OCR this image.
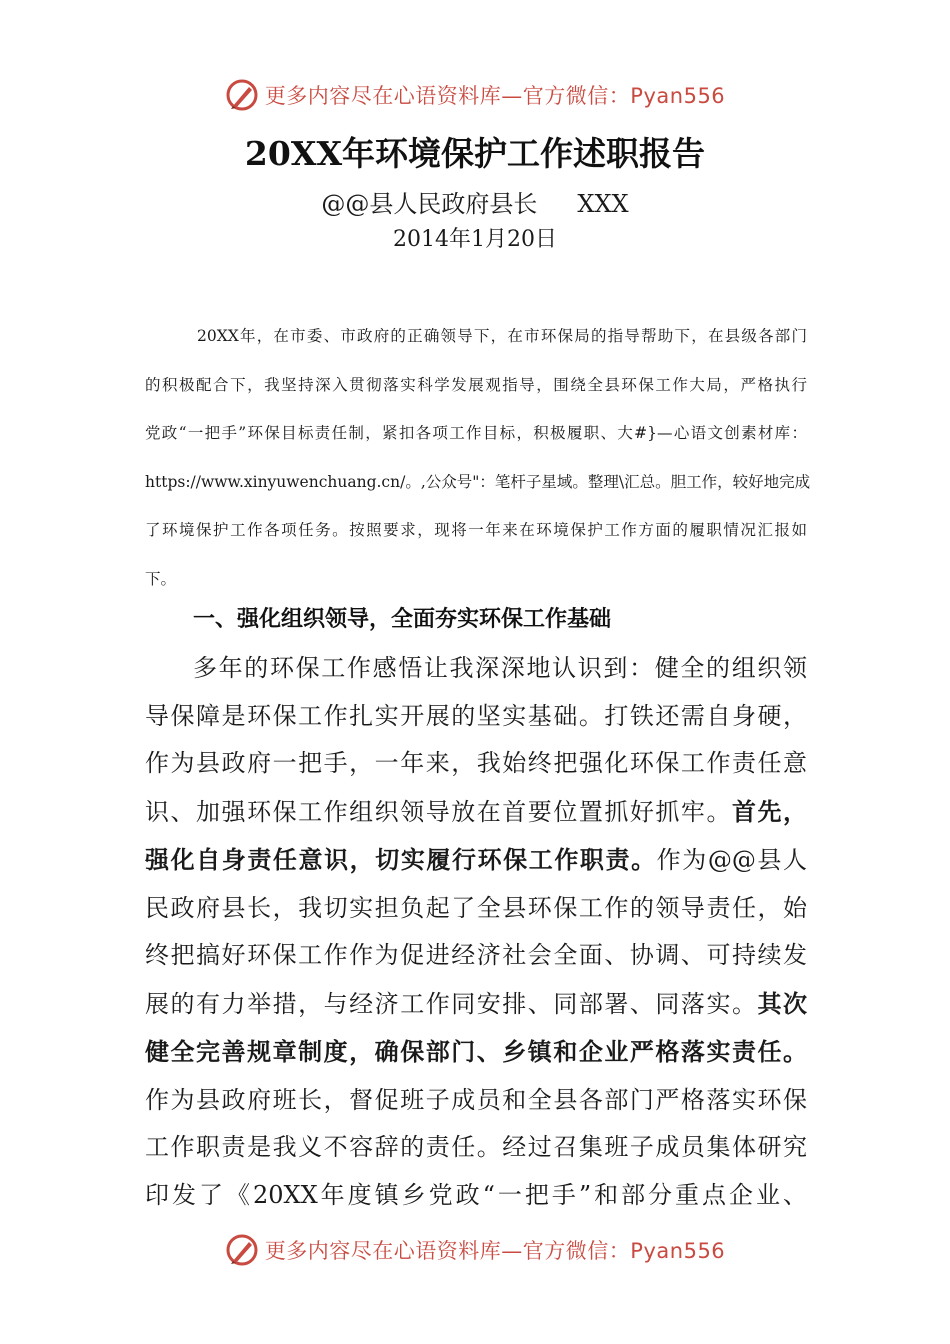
更多内容尽在心语资料库—官方微信：Pyan556
20XX年环境保护工作述职报告
@@县人民政府县长 XXX
2014年1月20日

20XX年，在市委、市政府的正确领导下，在市环保局的指导帮助下，在县级各部门
的积极配合下，我坚持深入贯彻落实科学发展观指导，围绕全县环保工作大局，严格执行
党政“一把手”环保目标责任制，紧扣各项工作目标，积极履职、大#}—心语文创素材库：
https://www.xinyuwenchuang.cn/。,公众号"：笔杆子星域。整理\汇总。胆工作，较好地完成
了环境保护工作各项任务。按照要求，现将一年来在环境保护工作方面的履职情况汇报如
下。

一、强化组织领导，全面夯实环保工作基础

多年的环保工作感悟让我深深地认识到：健全的组织领
导保障是环保工作扎实开展的坚实基础。打铁还需自身硬，
作为县政府一把手，一年来，我始终把强化环保工作责任意
识、加强环保工作组织领导放在首要位置抓好抓牢。首先，
强化自身责任意识，切实履行环保工作职责。作为@@县人
民政府县长，我切实担负起了全县环保工作的领导责任，始
终把搞好环保工作作为促进经济社会全面、协调、可持续发
展的有力举措，与经济工作同安排、同部署、同落实。其次
健全完善规章制度，确保部门、乡镇和企业严格落实责任。
作为县政府班长，督促班子成员和全县各部门严格落实环保
工作职责是我义不容辞的责任。经过召集班子成员集体研究
印发了《20XX年度镇乡党政“一把手”和部分重点企业、

更多内容尽在心语资料库—官方微信：Pyan556
